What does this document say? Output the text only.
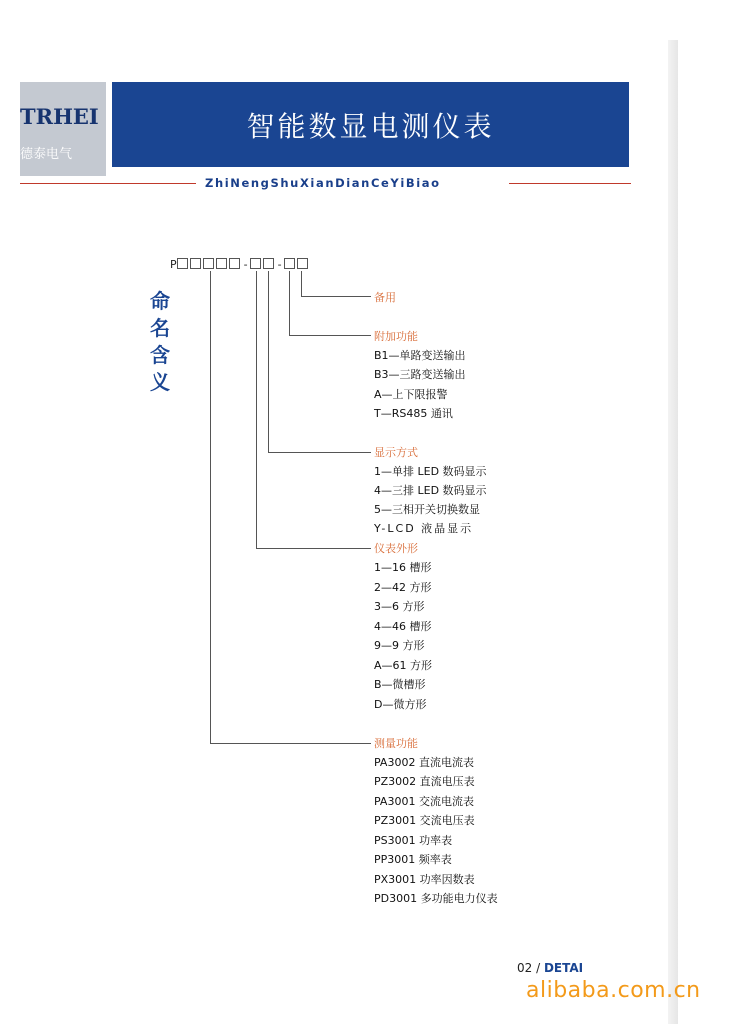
TRHEI
德泰电气
智能数显电测仪表
ZhiNengShuXianDianCeYiBiao
命
名
含
义
P	-	-
备用
附加功能
B1—单路变送输出
B3—三路变送输出
A—上下限报警
T—RS485 通讯
显示方式
1—单排 LED 数码显示
4—三排 LED 数码显示
5—三相开关切换数显
Y-LCD 液晶显示
仪表外形
1—16 槽形
2—42 方形
3—6 方形
4—46 槽形
9—9 方形
A—61 方形
B—微槽形
D—微方形
测量功能
PA3002 直流电流表
PZ3002 直流电压表
PA3001 交流电流表
PZ3001 交流电压表
PS3001 功率表
PP3001 频率表
PX3001 功率因数表
PD3001 多功能电力仪表
02 / DETAI
alibaba.com.cn
